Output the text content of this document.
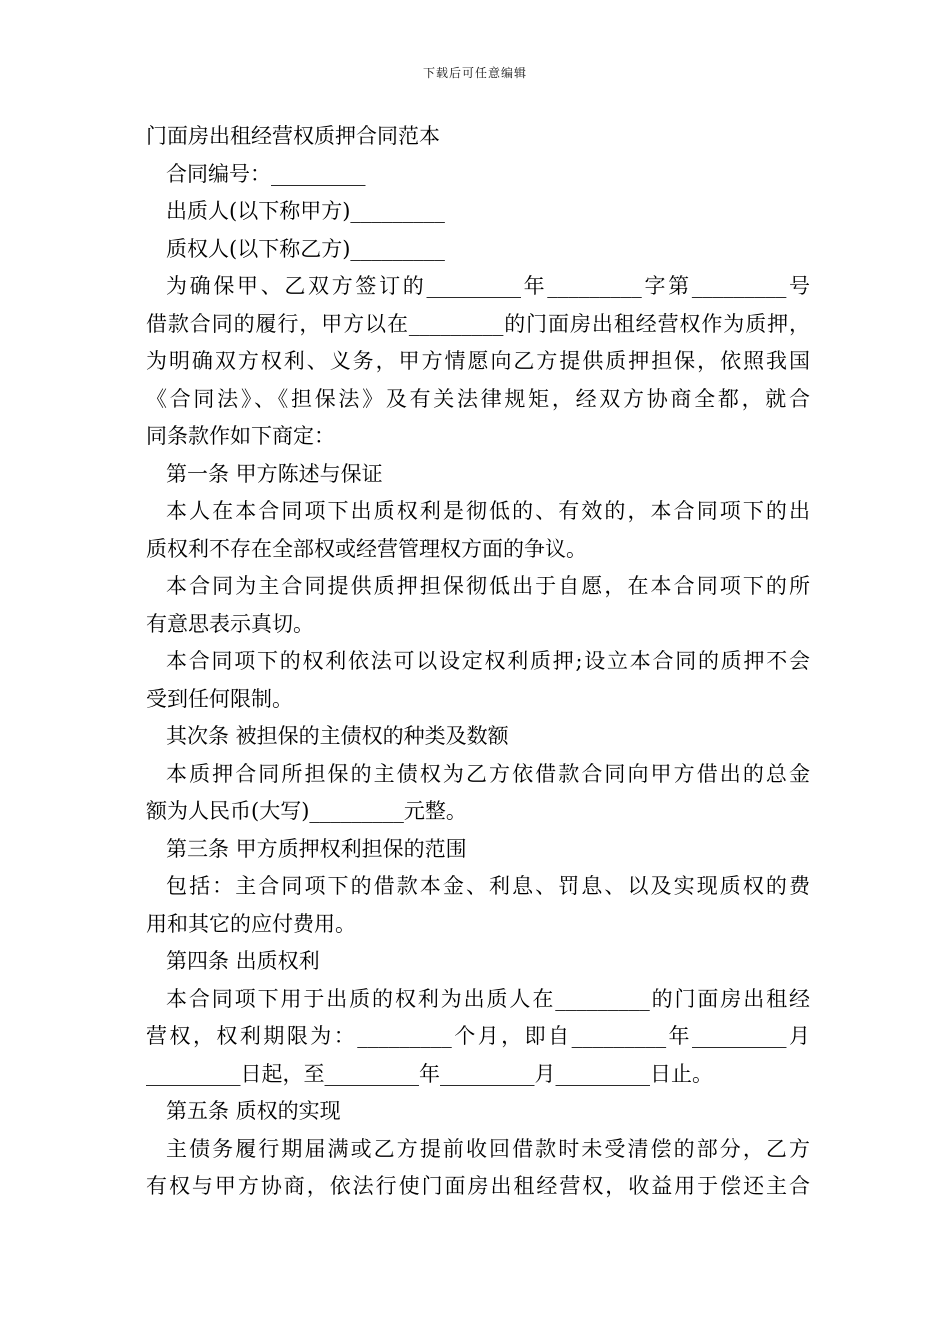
下载后可任意编辑
门面房出租经营权质押合同范本
合同编号：_________
出质人(以下称甲方)_________
质权人(以下称乙方)_________
为确保甲、乙双方签订的_________年_________字第_________号
借款合同的履行，甲方以在_________的门面房出租经营权作为质押，
为明确双方权利、义务，甲方情愿向乙方提供质押担保，依照我国
《合同法》、《担保法》及有关法律规矩，经双方协商全都，就合
同条款作如下商定：
第一条 甲方陈述与保证
本人在本合同项下出质权利是彻低的、有效的，本合同项下的出
质权利不存在全部权或经营管理权方面的争议。
本合同为主合同提供质押担保彻低出于自愿，在本合同项下的所
有意思表示真切。
本合同项下的权利依法可以设定权利质押;设立本合同的质押不会
受到任何限制。
其次条 被担保的主债权的种类及数额
本质押合同所担保的主债权为乙方依借款合同向甲方借出的总金
额为人民币(大写)_________元整。
第三条 甲方质押权利担保的范围
包括：主合同项下的借款本金、利息、罚息、以及实现质权的费
用和其它的应付费用。
第四条 出质权利
本合同项下用于出质的权利为出质人在_________的门面房出租经
营权，权利期限为：_________个月，即自_________年_________月
_________日起，至_________年_________月_________日止。
第五条 质权的实现
主债务履行期届满或乙方提前收回借款时未受清偿的部分，乙方
有权与甲方协商，依法行使门面房出租经营权，收益用于偿还主合
